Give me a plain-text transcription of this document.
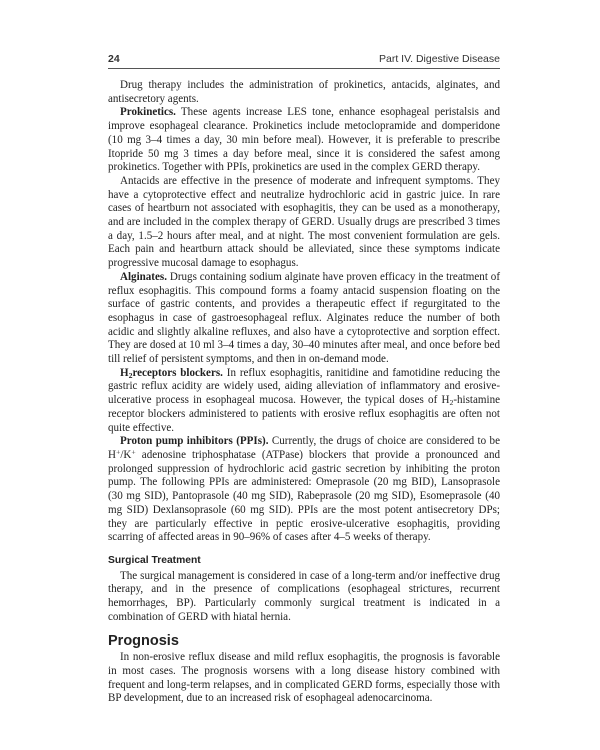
24	Part IV. Digestive Disease

Drug therapy includes the administration of prokinetics, antacids, alginates, and antisecretory agents.

Prokinetics. These agents increase LES tone, enhance esophageal peristalsis and improve esophageal clearance. Prokinetics include metoclopramide and domperidone (10 mg 3–4 times a day, 30 min before meal). However, it is preferable to prescribe Itopride 50 mg 3 times a day before meal, since it is considered the safest among prokinetics. Together with PPIs, prokinetics are used in the complex GERD therapy.

Antacids are effective in the presence of moderate and infrequent symptoms. They have a cytoprotective effect and neutralize hydrochloric acid in gastric juice. In rare cases of heartburn not associated with esophagitis, they can be used as a monotherapy, and are included in the complex therapy of GERD. Usually drugs are prescribed 3 times a day, 1.5–2 hours after meal, and at night. The most convenient formulation are gels. Each pain and heartburn attack should be alleviated, since these symptoms indicate progressive mucosal damage to esophagus.

Alginates. Drugs containing sodium alginate have proven efficacy in the treatment of reflux esophagitis. This compound forms a foamy antacid suspension floating on the surface of gastric contents, and provides a therapeutic effect if regurgitated to the esophagus in case of gastroesophageal reflux. Alginates reduce the number of both acidic and slightly alkaline refluxes, and also have a cytoprotective and sorption effect. They are dosed at 10 ml 3–4 times a day, 30–40 minutes after meal, and once before bed till relief of persistent symptoms, and then in on-demand mode.

$H_2receptors$ blockers. In reflux esophagitis, ranitidine and famotidine reducing the gastric reflux acidity are widely used, aiding alleviation of inflammatory and erosive-ulcerative process in esophageal mucosa. However, the typical doses of $H_2$-histamine receptor blockers administered to patients with erosive reflux esophagitis are often not quite effective.

Proton pump inhibitors (PPIs). Currently, the drugs of choice are considered to be H+/K+ adenosine triphosphatase (ATPase) blockers that provide a pronounced and prolonged suppression of hydrochloric acid gastric secretion by inhibiting the proton pump. The following PPIs are administered: Omeprasole (20 mg BID), Lansoprasole (30 mg SID), Pantoprasole (40 mg SID), Rabeprasole (20 mg SID), Esomeprasole (40 mg SID) Dexlansoprasole (60 mg SID). PPIs are the most potent antisecretory DPs; they are particularly effective in peptic erosive-ulcerative esophagitis, providing scarring of affected areas in 90–96% of cases after 4–5 weeks of therapy.

Surgical Treatment

The surgical management is considered in case of a long-term and/or ineffective drug therapy, and in the presence of complications (esophageal strictures, recurrent hemorrhages, BP). Particularly commonly surgical treatment is indicated in a combination of GERD with hiatal hernia.

Prognosis

In non-erosive reflux disease and mild reflux esophagitis, the prognosis is favorable in most cases. The prognosis worsens with a long disease history combined with frequent and long-term relapses, and in complicated GERD forms, especially those with BP development, due to an increased risk of esophageal adenocarcinoma.
